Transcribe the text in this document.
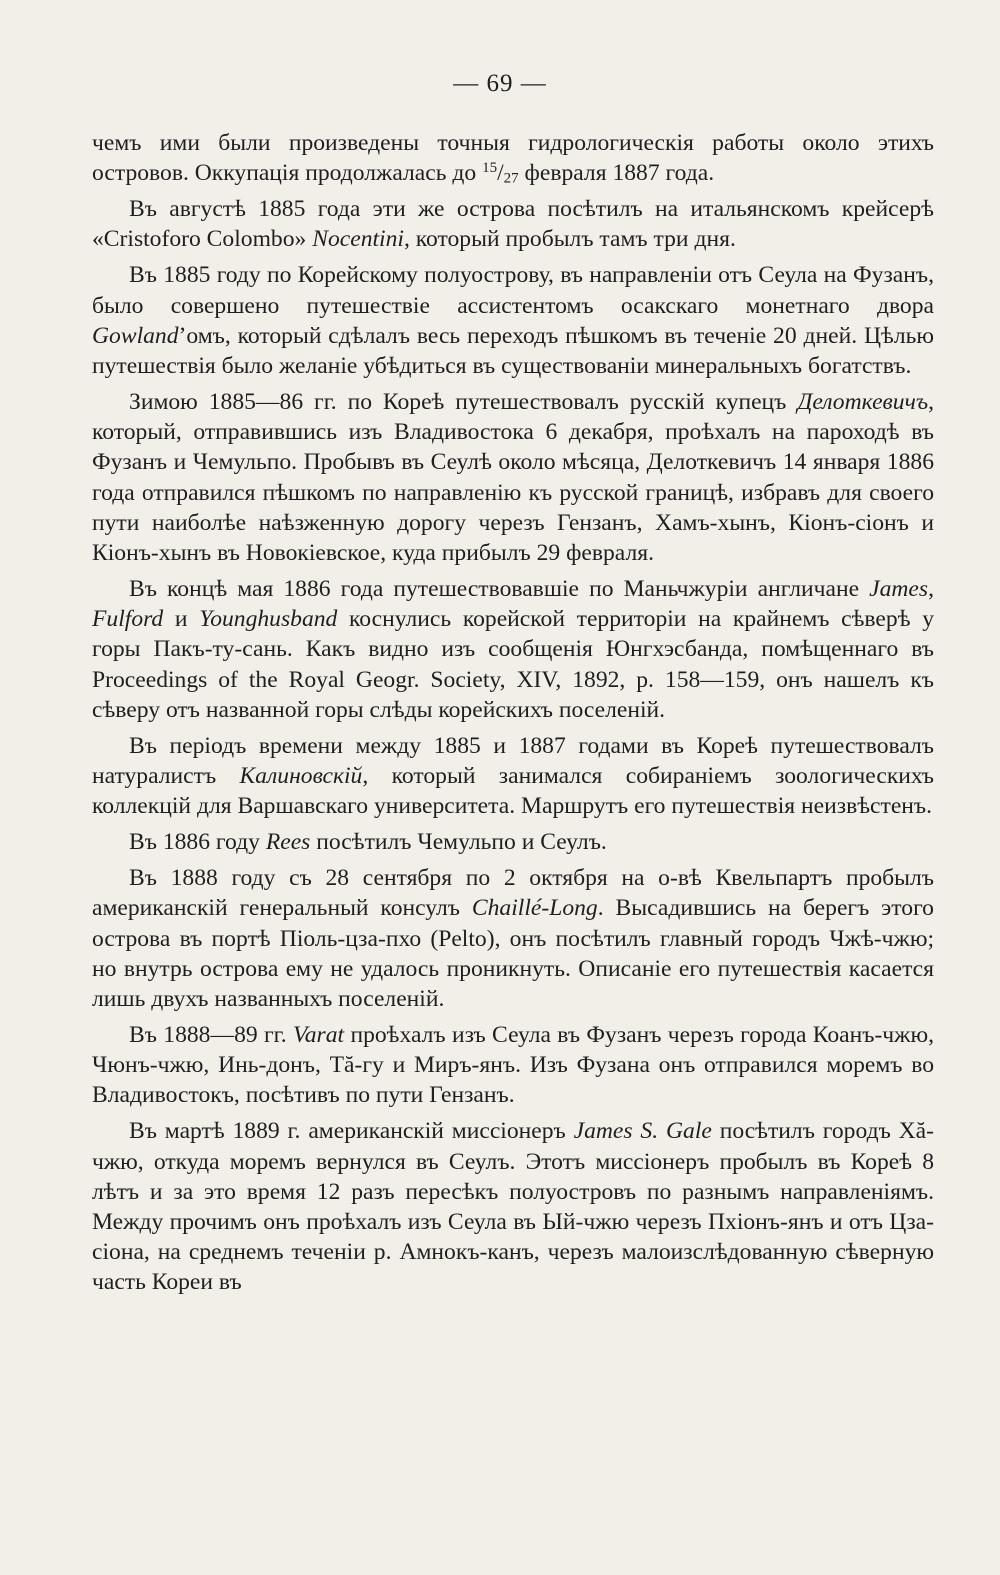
— 69 —

чемъ ими были произведены точныя гидрологическія работы около этихъ островов. Оккупація продолжалась до $^{15}/_{27}$ февраля 1887 года.

Въ августѣ 1885 года эти же острова посѣтилъ на итальянскомъ крейсерѣ «Cristoforo Colombo» Nocentini, который пробылъ тамъ три дня.

Въ 1885 году по Корейскому полуострову, въ направленіи отъ Сеула на Фузанъ, было совершено путешествіе ассистентомъ осакскаго монетнаго двора Gowland’омъ, который сдѣлалъ весь переходъ пѣшкомъ въ теченіе 20 дней. Цѣлью путешествія было желаніе убѣдиться въ существованіи минеральныхъ богатствъ.

Зимою 1885—86 гг. по Кореѣ путешествовалъ русскій купецъ Делоткевичъ, который, отправившись изъ Владивостока 6 декабря, проѣхалъ на пароходѣ въ Фузанъ и Чемульпо. Пробывъ въ Сеулѣ около мѣсяца, Делоткевичъ 14 января 1886 года отправился пѣшкомъ по направленію къ русской границѣ, избравъ для своего пути наиболѣе наѣзженную дорогу черезъ Гензанъ, Хамъ-хынъ, Кіонъ-сіонъ и Кіонъ-хынъ въ Новокіевское, куда прибылъ 29 февраля.

Въ концѣ мая 1886 года путешествовавшіе по Маньчжуріи англичане James, Fulford и Younghusband коснулись корейской территоріи на крайнемъ сѣверѣ у горы Пакъ-ту-сань. Какъ видно изъ сообщенія Юнгхэсбанда, помѣщеннаго въ Proceedings of the Royal Geogr. Society, XIV, 1892, p. 158—159, онъ нашелъ къ сѣверу отъ названной горы слѣды корейскихъ поселеній.

Въ періодъ времени между 1885 и 1887 годами въ Кореѣ путешествовалъ натуралистъ Калиновскій, который занимался собираніемъ зоологическихъ коллекцій для Варшавскаго университета. Маршрутъ его путешествія неизвѣстенъ.

Въ 1886 году Rees посѣтилъ Чемульпо и Сеулъ.

Въ 1888 году съ 28 сентября по 2 октября на о-вѣ Квельпартъ пробылъ американскій генеральный консулъ Chaillé-Long. Высадившись на берегъ этого острова въ портѣ Піоль-цза-пхо (Pelto), онъ посѣтилъ главный городъ Чжѣ-чжю; но внутрь острова ему не удалось проникнуть. Описаніе его путешествія касается лишь двухъ названныхъ поселеній.

Въ 1888—89 гг. Varat проѣхалъ изъ Сеула въ Фузанъ черезъ города Коанъ-чжю, Чюнъ-чжю, Инь-донъ, Тă-гу и Миръ-янъ. Изъ Фузана онъ отправился моремъ во Владивостокъ, посѣтивъ по пути Гензанъ.

Въ мартѣ 1889 г. американскій миссіонеръ James S. Gale посѣтилъ городъ Хă-чжю, откуда моремъ вернулся въ Сеулъ. Этотъ миссіонеръ пробылъ въ Кореѣ 8 лѣтъ и за это время 12 разъ пересѣкъ полуостровъ по разнымъ направленіямъ. Между прочимъ онъ проѣхалъ изъ Сеула въ Ый-чжю черезъ Пхіонъ-янъ и отъ Цза-сіона, на среднемъ теченіи р. Амнокъ-канъ, черезъ малоизслѣдованную сѣверную часть Кореи въ
